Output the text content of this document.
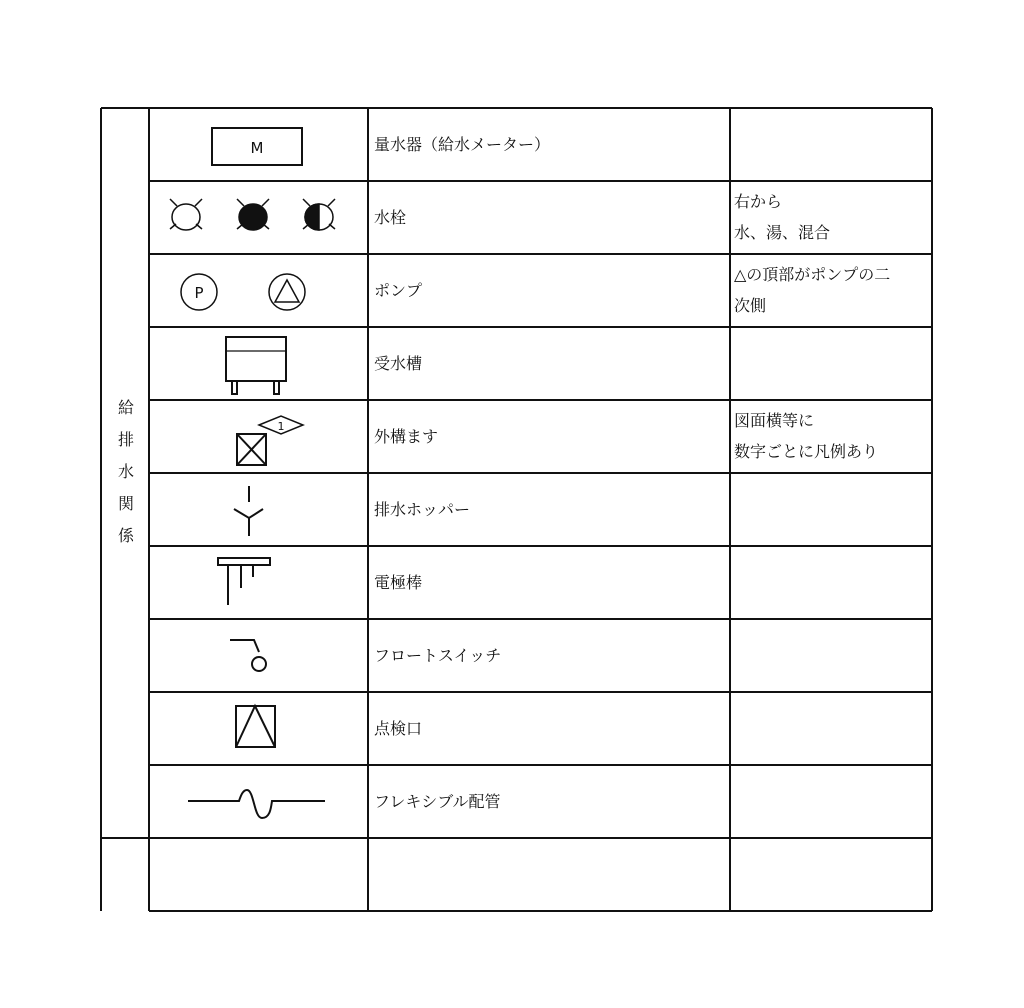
M
P
1
給
排
水
関
係
量水器（給水メーター）
水栓
ポンプ
受水槽
外構ます
排水ホッパー
電極棒
フロートスイッチ
点検口
フレキシブル配管
右から
水、湯、混合
△の頂部がポンプの二
次側
図面横等に
数字ごとに凡例あり
